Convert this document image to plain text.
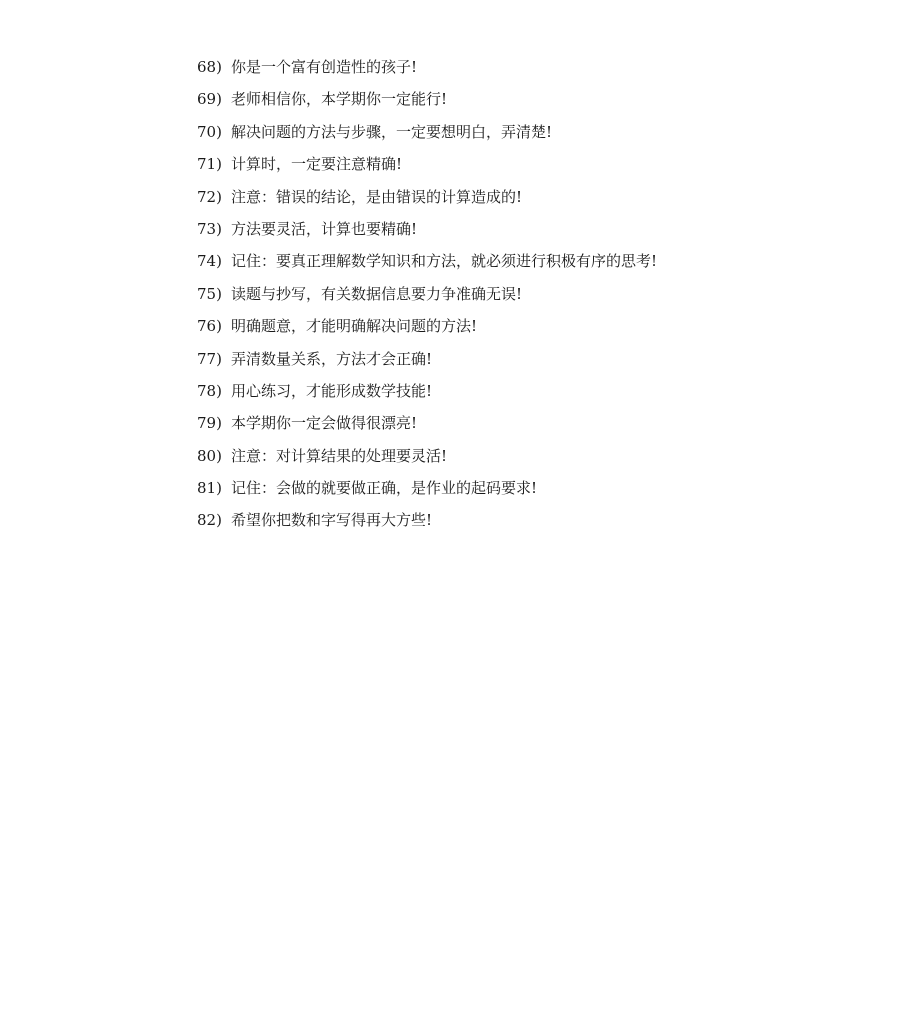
68) 你是一个富有创造性的孩子!
69) 老师相信你，本学期你一定能行!
70) 解决问题的方法与步骤，一定要想明白，弄清楚!
71) 计算时，一定要注意精确!
72) 注意：错误的结论，是由错误的计算造成的!
73) 方法要灵活，计算也要精确!
74) 记住：要真正理解数学知识和方法，就必须进行积极有序的思考!
75) 读题与抄写，有关数据信息要力争准确无误!
76) 明确题意，才能明确解决问题的方法!
77) 弄清数量关系，方法才会正确!
78) 用心练习，才能形成数学技能!
79) 本学期你一定会做得很漂亮!
80) 注意：对计算结果的处理要灵活!
81) 记住：会做的就要做正确，是作业的起码要求!
82) 希望你把数和字写得再大方些!
